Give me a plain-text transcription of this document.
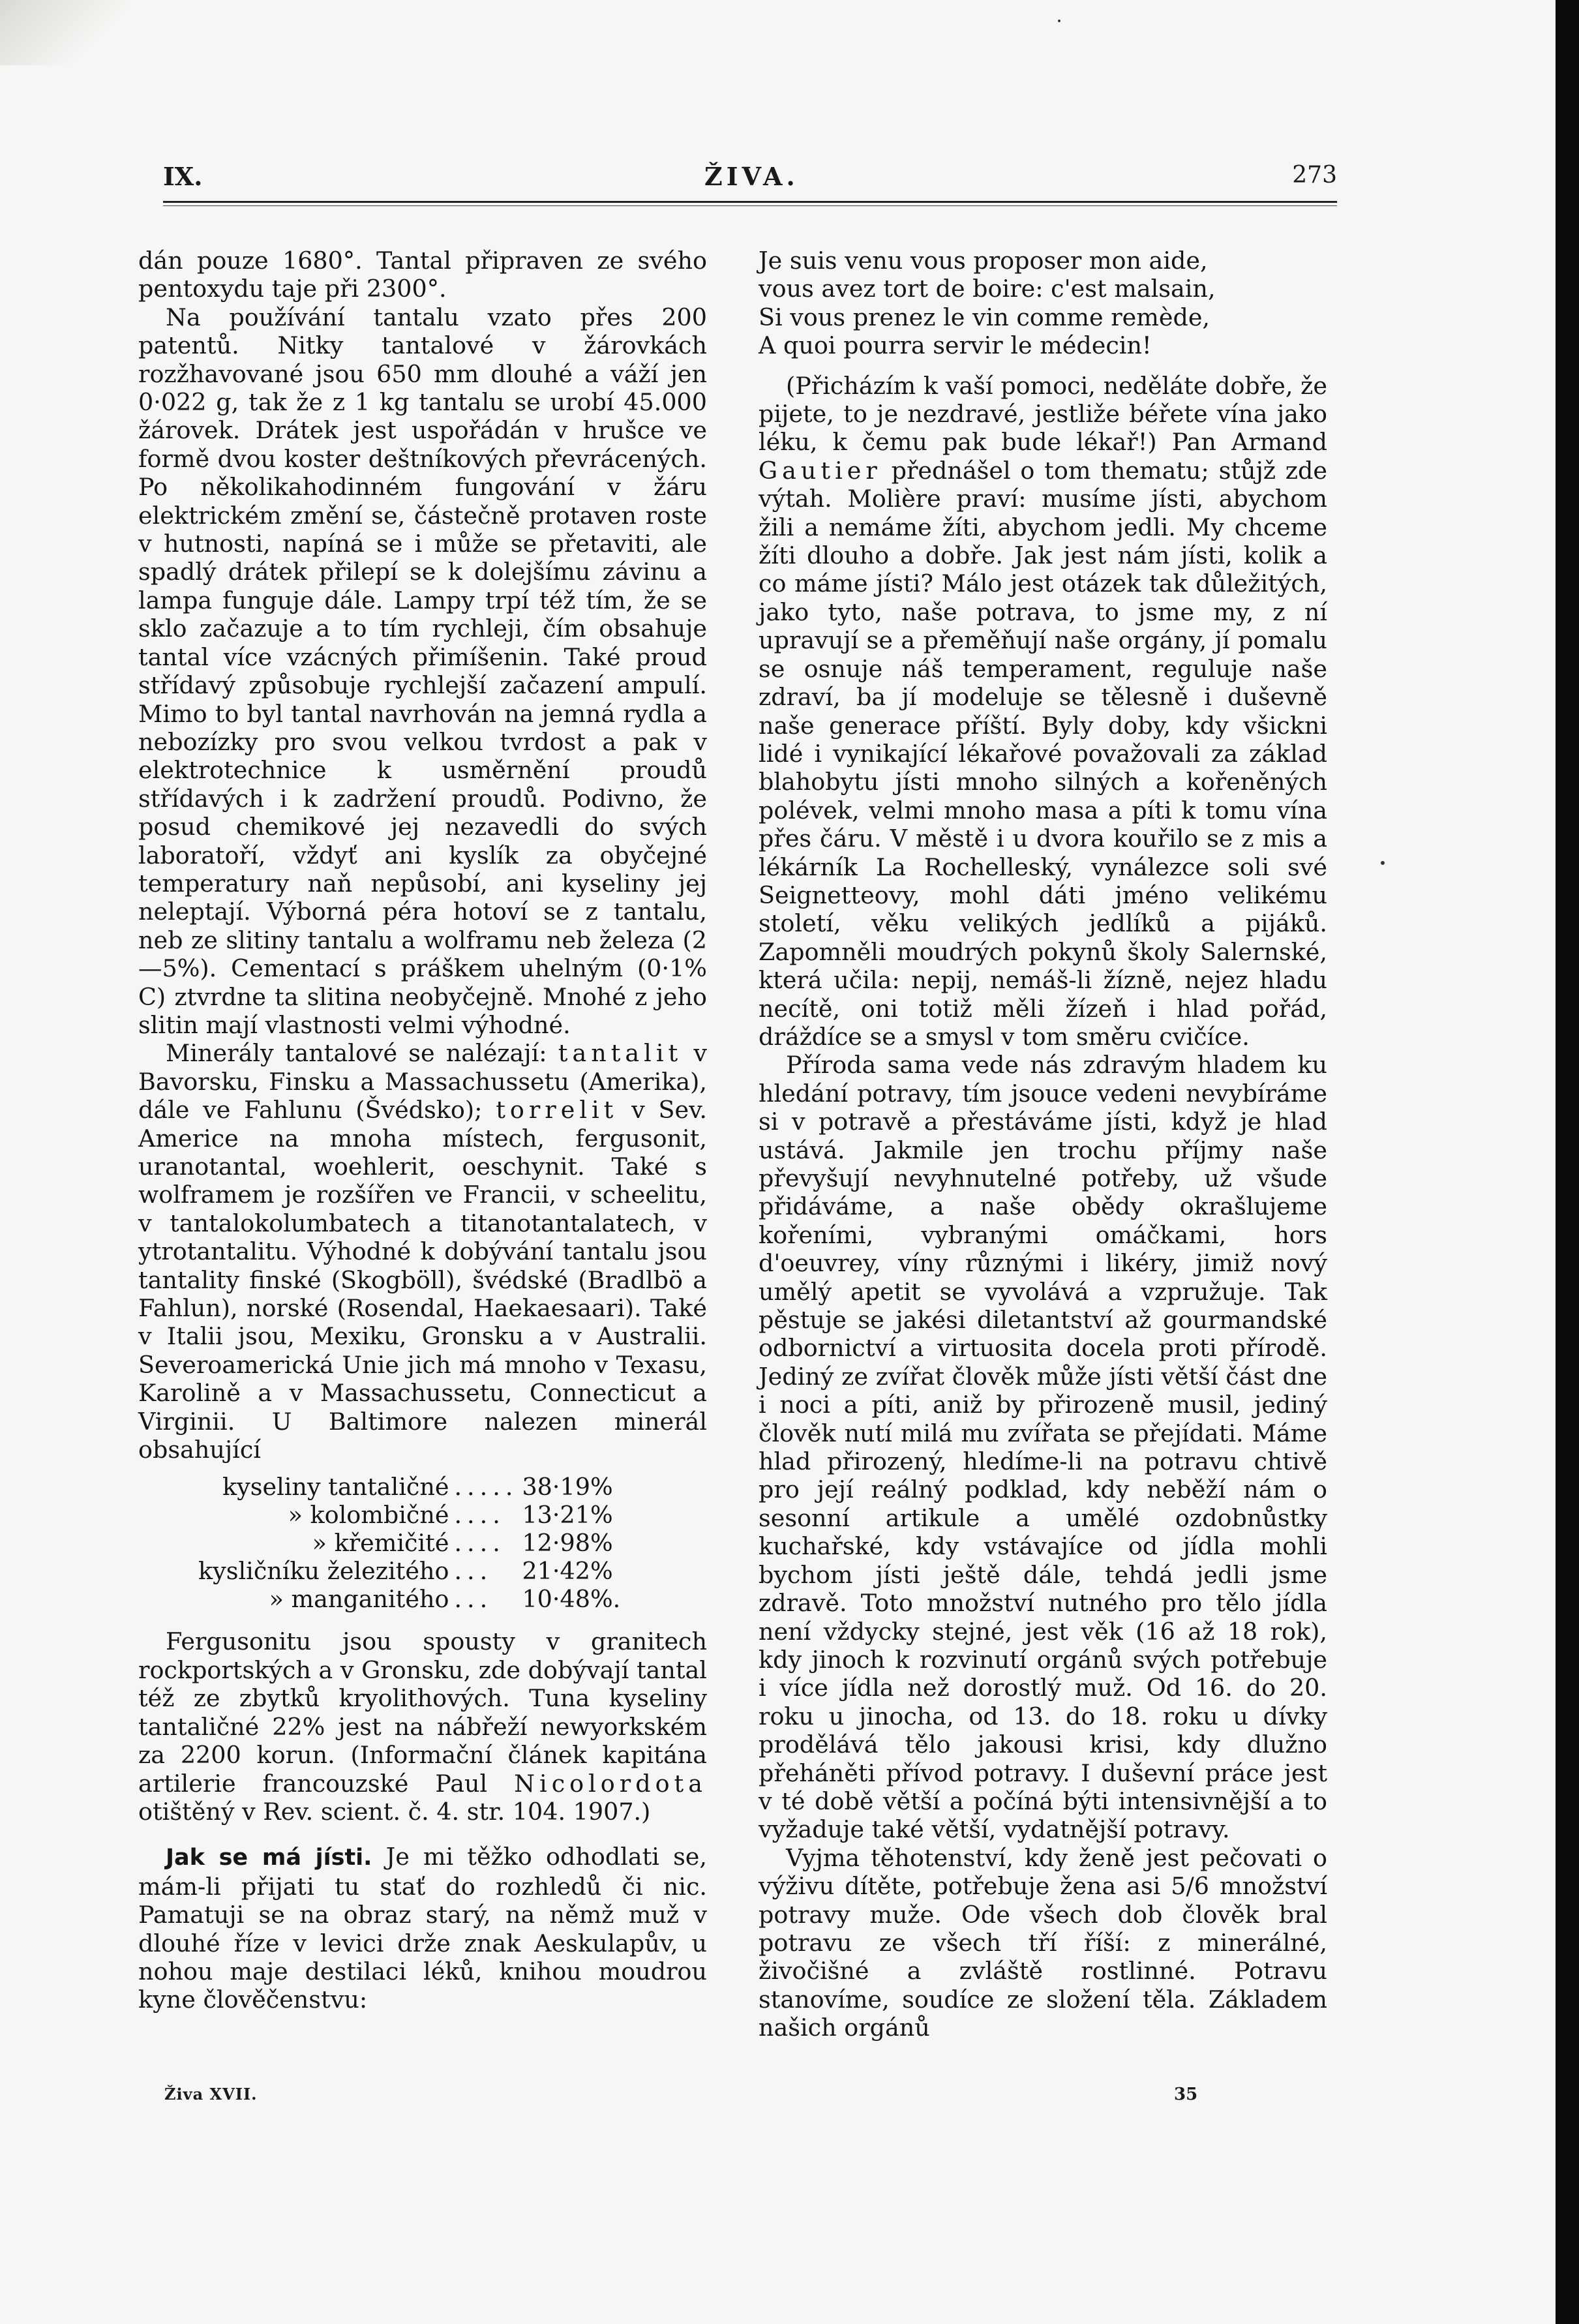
IX.	ŽIVA.	273

dán pouze 1680°. Tantal připraven ze svého pentoxydu taje při 2300°.

Na používání tantalu vzato přes 200 patentů. Nitky tantalové v žárovkách rozžhavované jsou 650 mm dlouhé a váží jen 0·022 g, tak že z 1 kg tantalu se urobí 45.000 žárovek. Drátek jest uspořádán v hrušce ve formě dvou koster deštníkových převrácených. Po několikahodinném fungování v žáru elektrickém změní se, částečně protaven roste v hutnosti, napíná se i může se přetaviti, ale spadlý drátek přilepí se k dolejšímu závinu a lampa funguje dále. Lampy trpí též tím, že se sklo začazuje a to tím rychleji, čím obsahuje tantal více vzácných přimíšenin. Také proud střídavý způsobuje rychlejší začazení ampulí. Mimo to byl tantal navrhován na jemná rydla a nebozízky pro svou velkou tvrdost a pak v elektrotechnice k usměrnění proudů střídavých i k zadržení proudů. Podivno, že posud chemikové jej nezavedli do svých laboratoří, vždyť ani kyslík za obyčejné temperatury naň nepůsobí, ani kyseliny jej neleptají. Výborná péra hotoví se z tantalu, neb ze slitiny tantalu a wolframu neb železa (2—5%). Cementací s práškem uhelným (0·1% C) ztvrdne ta slitina neobyčejně. Mnohé z jeho slitin mají vlastnosti velmi výhodné.

Minerály tantalové se nalézají: tantalit v Bavorsku, Finsku a Massachussetu (Amerika), dále ve Fahlunu (Švédsko); torrelit v Sev. Americe na mnoha místech, fergusonit, uranotantal, woehlerit, oeschynit. Také s wolframem je rozšířen ve Francii, v scheelitu, v tantalokolumbatech a titanotantalatech, v ytrotantalitu. Výhodné k dobývání tantalu jsou tantality finské (Skogböll), švédské (Bradlbö a Fahlun), norské (Rosendal, Haekaesaari). Také v Italii jsou, Mexiku, Gronsku a v Australii. Severoamerická Unie jich má mnoho v Texasu, Karolině a v Massachussetu, Connecticut a Virginii. U Baltimore nalezen minerál obsahující

kyseliny tantaličné	.....	38·19%
» kolombičné	....	13·21%
» křemičité	....	12·98%
kysličníku železitého	...	21·42%
» manganitého	...	10·48%.

Fergusonitu jsou spousty v granitech rockportských a v Gronsku, zde dobývají tantal též ze zbytků kryolithových. Tuna kyseliny tantaličné 22% jest na nábřeží newyorkském za 2200 korun. (Informační článek kapitána artilerie francouzské Paul Nicolordota otištěný v Rev. scient. č. 4. str. 104. 1907.)

Jak se má jísti. Je mi těžko odhodlati se, mám-li přijati tu stať do rozhledů či nic. Pamatuji se na obraz starý, na němž muž v dlouhé říze v levici drže znak Aeskulapův, u nohou maje destilaci léků, knihou moudrou kyne člověčenstvu:

Je suis venu vous proposer mon aide,
vous avez tort de boire: c'est malsain,
Si vous prenez le vin comme remède,
A quoi pourra servir le médecin!

(Přicházím k vaší pomoci, neděláte dobře, že pijete, to je nezdravé, jestliže béřete vína jako léku, k čemu pak bude lékař!) Pan Armand Gautier přednášel o tom thematu; stůjž zde výtah. Molière praví: musíme jísti, abychom žili a nemáme žíti, abychom jedli. My chceme žíti dlouho a dobře. Jak jest nám jísti, kolik a co máme jísti? Málo jest otázek tak důležitých, jako tyto, naše potrava, to jsme my, z ní upravují se a přeměňují naše orgány, jí pomalu se osnuje náš temperament, reguluje naše zdraví, ba jí modeluje se tělesně i duševně naše generace příští. Byly doby, kdy všickni lidé i vynikající lékařové považovali za základ blahobytu jísti mnoho silných a kořeněných polévek, velmi mnoho masa a píti k tomu vína přes čáru. V městě i u dvora kouřilo se z mis a lékárník La Rochelleský, vynálezce soli své Seignetteovy, mohl dáti jméno velikému století, věku velikých jedlíků a pijáků. Zapomněli moudrých pokynů školy Salernské, která učila: nepij, nemáš-li žízně, nejez hladu necítě, oni totiž měli žízeň i hlad pořád, dráždíce se a smysl v tom směru cvičíce.

Příroda sama vede nás zdravým hladem ku hledání potravy, tím jsouce vedeni nevybíráme si v potravě a přestáváme jísti, když je hlad ustává. Jakmile jen trochu příjmy naše převyšují nevyhnutelné potřeby, už všude přidáváme, a naše obědy okrašlujeme kořeními, vybranými omáčkami, hors d'oeuvrey, víny různými i likéry, jimiž nový umělý apetit se vyvolává a vzpružuje. Tak pěstuje se jakési diletantství až gourmandské odbornictví a virtuosita docela proti přírodě. Jediný ze zvířat člověk může jísti větší část dne i noci a píti, aniž by přirozeně musil, jediný člověk nutí milá mu zvířata se přejídati. Máme hlad přirozený, hledíme-li na potravu chtivě pro její reálný podklad, kdy neběží nám o sesonní artikule a umělé ozdobnůstky kuchařské, kdy vstávajíce od jídla mohli bychom jísti ještě dále, tehdá jedli jsme zdravě. Toto množství nutného pro tělo jídla není vždycky stejné, jest věk (16 až 18 rok), kdy jinoch k rozvinutí orgánů svých potřebuje i více jídla než dorostlý muž. Od 16. do 20. roku u jinocha, od 13. do 18. roku u dívky prodělává tělo jakousi krisi, kdy dlužno přeháněti přívod potravy. I duševní práce jest v té době větší a počíná býti intensivnější a to vyžaduje také větší, vydatnější potravy.

Vyjma těhotenství, kdy ženě jest pečovati o výživu dítěte, potřebuje žena asi 5/6 množství potravy muže. Ode všech dob člověk bral potravu ze všech tří říší: z minerálné, živočišné a zvláště rostlinné. Potravu stanovíme, soudíce ze složení těla. Základem našich orgánů

Živa XVII.	35
